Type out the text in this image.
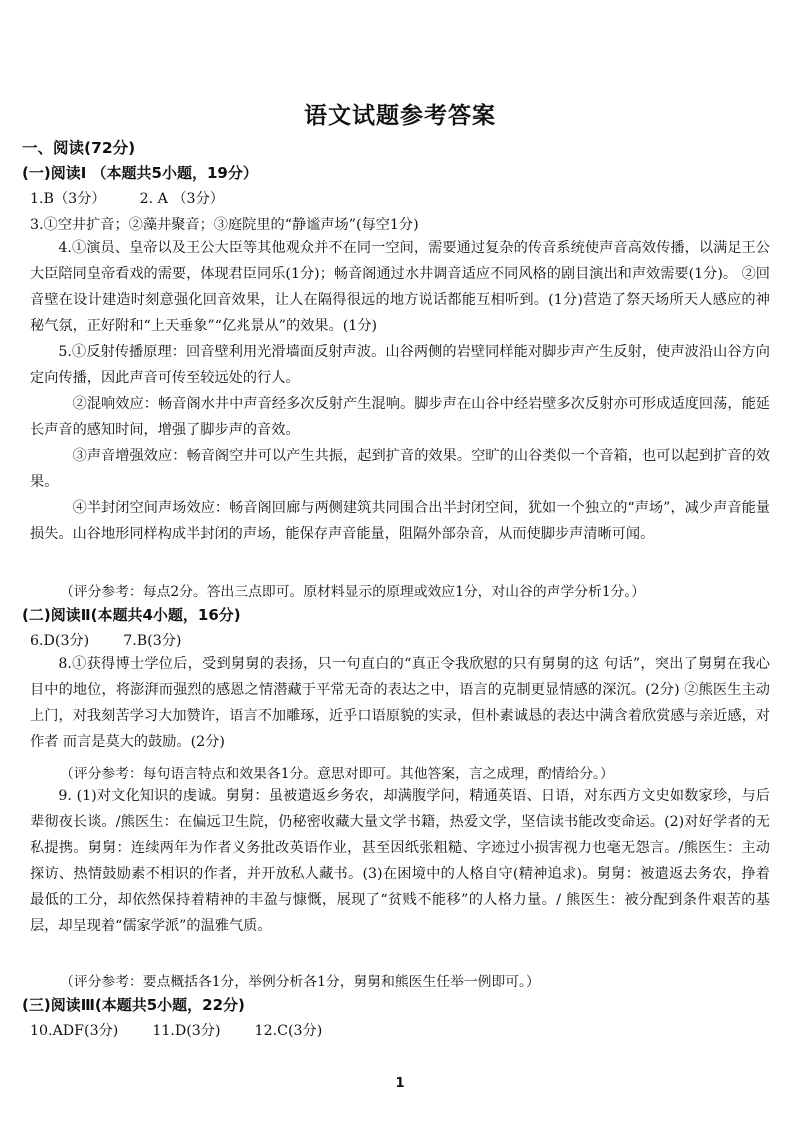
语文试题参考答案
一、阅读(72分)
(一)阅读Ⅰ （本题共5小题，19分）
1.B（3分） 2. A （3分）
3.①空井扩音；②藻井聚音；③庭院里的“静谧声场”(每空1分)

4.①演员、皇帝以及王公大臣等其他观众并不在同一空间，需要通过复杂的传音系统使声音高效传播，以满足王公大臣陪同皇帝看戏的需要，体现君臣同乐(1分)；畅音阁通过水井调音适应不同风格的剧目演出和声效需要(1分)。 ②回音壁在设计建造时刻意强化回音效果，让人在隔得很远的地方说话都能互相听到。(1分)营造了祭天场所天人感应的神秘气氛，正好附和“上天垂象”“亿兆景从”的效果。(1分)

5.①反射传播原理：回音壁利用光滑墙面反射声波。山谷两侧的岩壁同样能对脚步声产生反射，使声波沿山谷方向定向传播，因此声音可传至较远处的行人。

②混响效应：畅音阁水井中声音经多次反射产生混响。脚步声在山谷中经岩壁多次反射亦可形成适度回荡，能延长声音的感知时间，增强了脚步声的音效。

③声音增强效应：畅音阁空井可以产生共振，起到扩音的效果。空旷的山谷类似一个音箱，也可以起到扩音的效果。

④半封闭空间声场效应：畅音阁回廊与两侧建筑共同围合出半封闭空间，犹如一个独立的“声场”，减少声音能量损失。山谷地形同样构成半封闭的声场，能保存声音能量，阻隔外部杂音，从而使脚步声清晰可闻。

（评分参考：每点2分。答出三点即可。原材料显示的原理或效应1分，对山谷的声学分析1分。）
(二)阅读Ⅱ(本题共4小题，16分)
6.D(3分) 7.B(3分)

8.①获得博士学位后，受到舅舅的表扬，只一句直白的“真正令我欣慰的只有舅舅的这 句话”，突出了舅舅在我心目中的地位，将澎湃而强烈的感恩之情潜藏于平常无奇的表达之中，语言的克制更显情感的深沉。(2分) ②熊医生主动上门，对我刻苦学习大加赞许，语言不加雕琢，近乎口语原貌的实录，但朴素诚恳的表达中满含着欣赏感与亲近感，对作者 而言是莫大的鼓励。(2分)

（评分参考：每句语言特点和效果各1分。意思对即可。其他答案，言之成理，酌情给分。）

9. (1)对文化知识的虔诚。舅舅：虽被遣返乡务农，却满腹学问，精通英语、日语，对东西方文史如数家珍，与后辈彻夜长谈。/熊医生：在偏远卫生院，仍秘密收藏大量文学书籍，热爱文学，坚信读书能改变命运。(2)对好学者的无私提携。舅舅：连续两年为作者义务批改英语作业，甚至因纸张粗糙、字迹过小损害视力也毫无怨言。/熊医生：主动探访、热情鼓励素不相识的作者，并开放私人藏书。(3)在困境中的人格自守(精神追求)。舅舅：被遣返去务农，挣着最低的工分，却依然保持着精神的丰盈与慷慨，展现了“贫贱不能移”的人格力量。/ 熊医生：被分配到条件艰苦的基层，却呈现着“儒家学派”的温雅气质。

（评分参考：要点概括各1分，举例分析各1分，舅舅和熊医生任举一例即可。）
(三)阅读Ⅲ(本题共5小题，22分)
10.ADF(3分) 11.D(3分) 12.C(3分)
1
